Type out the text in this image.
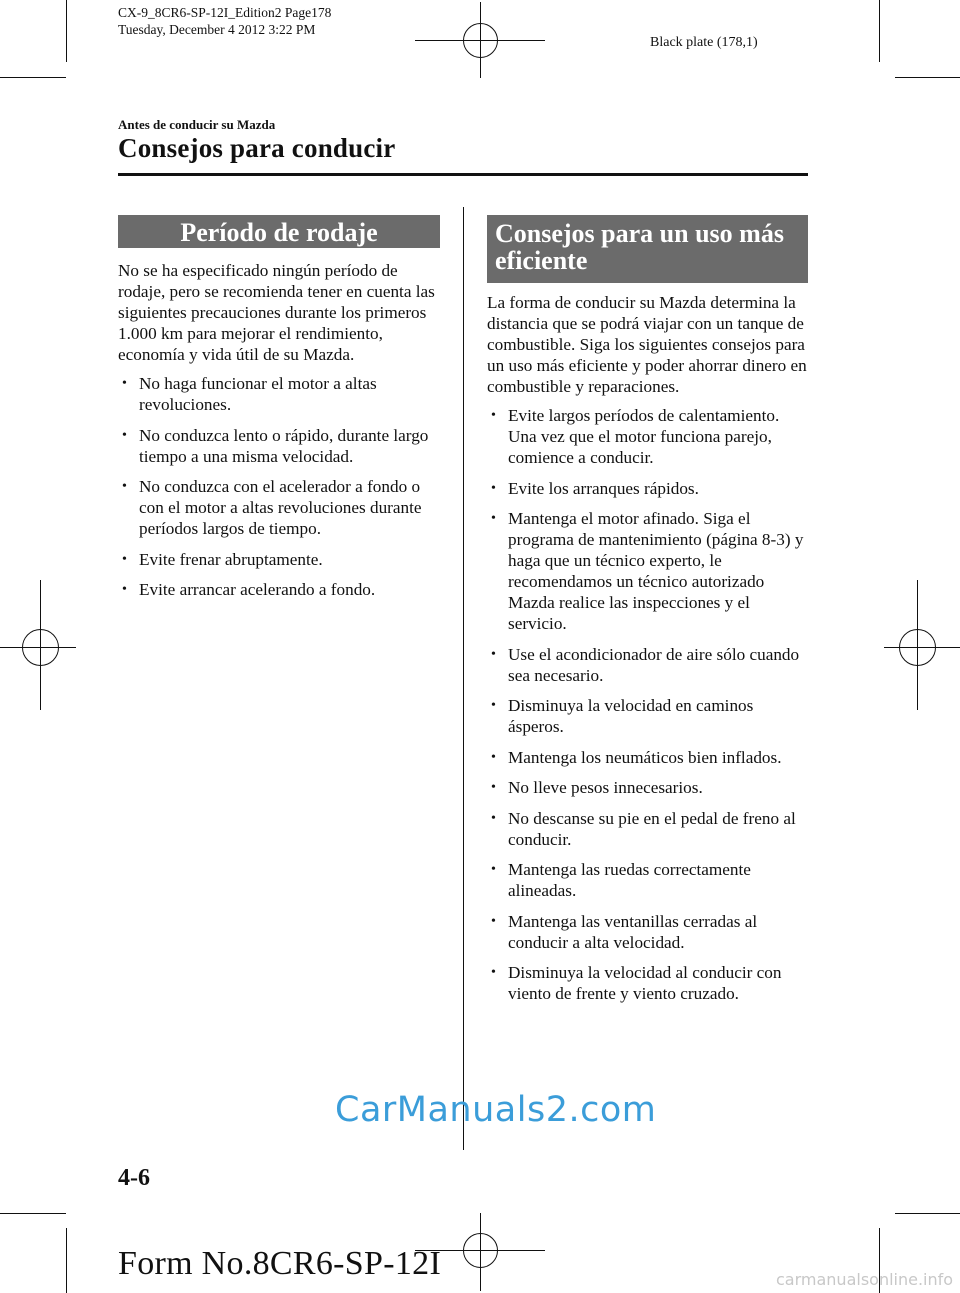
CX-9_8CR6-SP-12I_Edition2 Page178
Tuesday, December 4 2012 3:22 PM
Black plate (178,1)
Antes de conducir su Mazda
Consejos para conducir
Período de rodaje

No se ha especificado ningún período de rodaje, pero se recomienda tener en cuenta las siguientes precauciones durante los primeros 1.000 km para mejorar el rendimiento, economía y vida útil de su Mazda.

• No haga funcionar el motor a altas revoluciones.
• No conduzca lento o rápido, durante largo tiempo a una misma velocidad.
• No conduzca con el acelerador a fondo o con el motor a altas revoluciones durante períodos largos de tiempo.
• Evite frenar abruptamente.
• Evite arrancar acelerando a fondo.
Consejos para un uso más
eficiente

La forma de conducir su Mazda determina la distancia que se podrá viajar con un tanque de combustible. Siga los siguientes consejos para un uso más eficiente y poder ahorrar dinero en combustible y reparaciones.

• Evite largos períodos de calentamiento. Una vez que el motor funciona parejo, comience a conducir.
• Evite los arranques rápidos.
• Mantenga el motor afinado. Siga el programa de mantenimiento (página 8-3) y haga que un técnico experto, le recomendamos un técnico autorizado Mazda realice las inspecciones y el servicio.
• Use el acondicionador de aire sólo cuando sea necesario.
• Disminuya la velocidad en caminos ásperos.
• Mantenga los neumáticos bien inflados.
• No lleve pesos innecesarios.
• No descanse su pie en el pedal de freno al conducir.
• Mantenga las ruedas correctamente alineadas.
• Mantenga las ventanillas cerradas al conducir a alta velocidad.
• Disminuya la velocidad al conducir con viento de frente y viento cruzado.
CarManuals2.com
4-6
Form No.8CR6-SP-12I	carmanualsonline.info
